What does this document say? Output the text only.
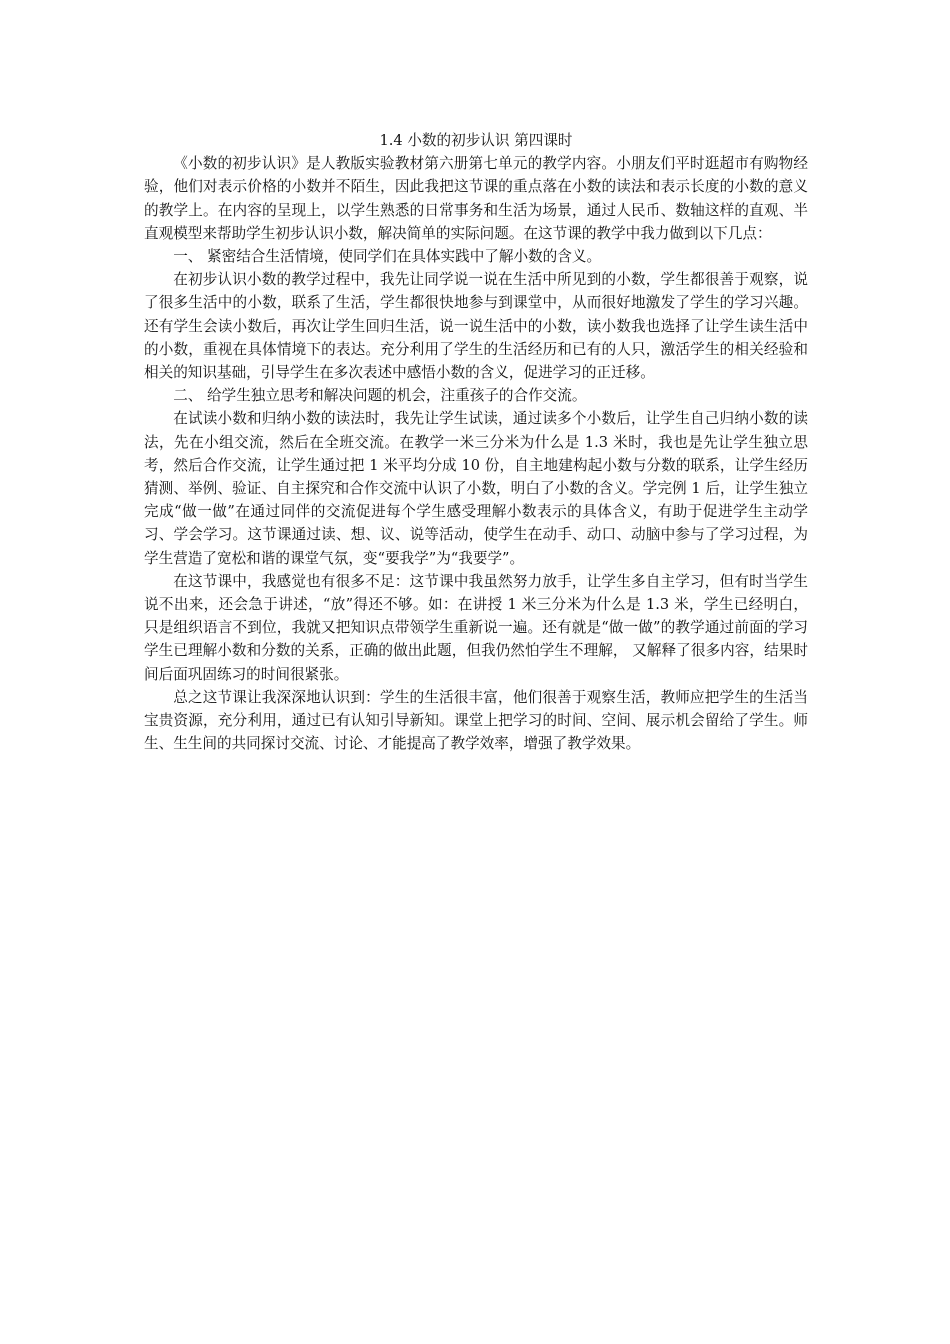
1.4 小数的初步认识 第四课时

《小数的初步认识》是人教版实验教材第六册第七单元的教学内容。小朋友们平时逛超市有购物经验，他们对表示价格的小数并不陌生，因此我把这节课的重点落在小数的读法和表示长度的小数的意义的教学上。在内容的呈现上，以学生熟悉的日常事务和生活为场景，通过人民币、数轴这样的直观、半直观模型来帮助学生初步认识小数，解决简单的实际问题。在这节课的教学中我力做到以下几点：

一、 紧密结合生活情境，使同学们在具体实践中了解小数的含义。

在初步认识小数的教学过程中，我先让同学说一说在生活中所见到的小数，学生都很善于观察，说了很多生活中的小数，联系了生活，学生都很快地参与到课堂中，从而很好地激发了学生的学习兴趣。还有学生会读小数后，再次让学生回归生活，说一说生活中的小数，读小数我也选择了让学生读生活中的小数，重视在具体情境下的表达。充分利用了学生的生活经历和已有的人只，激活学生的相关经验和相关的知识基础，引导学生在多次表述中感悟小数的含义，促进学习的正迁移。

二、 给学生独立思考和解决问题的机会，注重孩子的合作交流。

在试读小数和归纳小数的读法时，我先让学生试读，通过读多个小数后，让学生自己归纳小数的读法，先在小组交流，然后在全班交流。在教学一米三分米为什么是 1.3 米时，我也是先让学生独立思考，然后合作交流，让学生通过把 1 米平均分成 10 份，自主地建构起小数与分数的联系，让学生经历猜测、举例、验证、自主探究和合作交流中认识了小数，明白了小数的含义。学完例 1 后，让学生独立完成“做一做”在通过同伴的交流促进每个学生感受理解小数表示的具体含义，有助于促进学生主动学习、学会学习。这节课通过读、想、议、说等活动，使学生在动手、动口、动脑中参与了学习过程，为学生营造了宽松和谐的课堂气氛，变“要我学”为“我要学”。

在这节课中，我感觉也有很多不足：这节课中我虽然努力放手，让学生多自主学习，但有时当学生说不出来，还会急于讲述，“放”得还不够。如：在讲授 1 米三分米为什么是 1.3 米，学生已经明白，只是组织语言不到位，我就又把知识点带领学生重新说一遍。还有就是“做一做”的教学通过前面的学习学生已理解小数和分数的关系，正确的做出此题，但我仍然怕学生不理解， 又解释了很多内容，结果时间后面巩固练习的时间很紧张。

总之这节课让我深深地认识到：学生的生活很丰富，他们很善于观察生活，教师应把学生的生活当宝贵资源，充分利用，通过已有认知引导新知。课堂上把学习的时间、空间、展示机会留给了学生。师生、生生间的共同探讨交流、讨论、才能提高了教学效率，增强了教学效果。
